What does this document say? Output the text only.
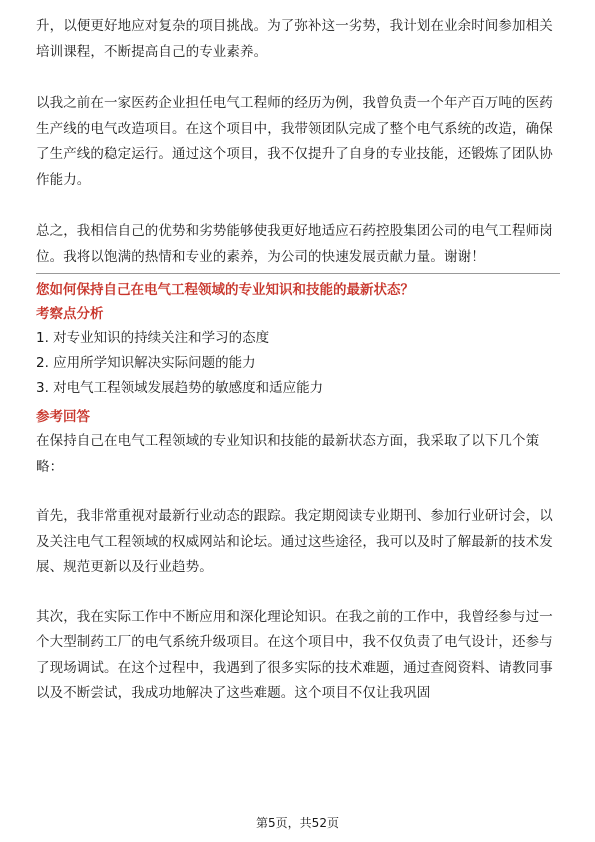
升，以便更好地应对复杂的项目挑战。为了弥补这一劣势，我计划在业余时间参加相关培训课程，不断提高自己的专业素养。

以我之前在一家医药企业担任电气工程师的经历为例，我曾负责一个年产百万吨的医药生产线的电气改造项目。在这个项目中，我带领团队完成了整个电气系统的改造，确保了生产线的稳定运行。通过这个项目，我不仅提升了自身的专业技能，还锻炼了团队协作能力。

总之，我相信自己的优势和劣势能够使我更好地适应石药控股集团公司的电气工程师岗位。我将以饱满的热情和专业的素养，为公司的快速发展贡献力量。谢谢！

您如何保持自己在电气工程领域的专业知识和技能的最新状态？
考察点分析
1. 对专业知识的持续关注和学习的态度
2. 应用所学知识解决实际问题的能力
3. 对电气工程领域发展趋势的敏感度和适应能力
参考回答

在保持自己在电气工程领域的专业知识和技能的最新状态方面，我采取了以下几个策略：

首先，我非常重视对最新行业动态的跟踪。我定期阅读专业期刊、参加行业研讨会，以及关注电气工程领域的权威网站和论坛。通过这些途径，我可以及时了解最新的技术发展、规范更新以及行业趋势。

其次，我在实际工作中不断应用和深化理论知识。在我之前的工作中，我曾经参与过一个大型制药工厂的电气系统升级项目。在这个项目中，我不仅负责了电气设计，还参与了现场调试。在这个过程中，我遇到了很多实际的技术难题，通过查阅资料、请教同事以及不断尝试，我成功地解决了这些难题。这个项目不仅让我巩固

第5页，共52页
